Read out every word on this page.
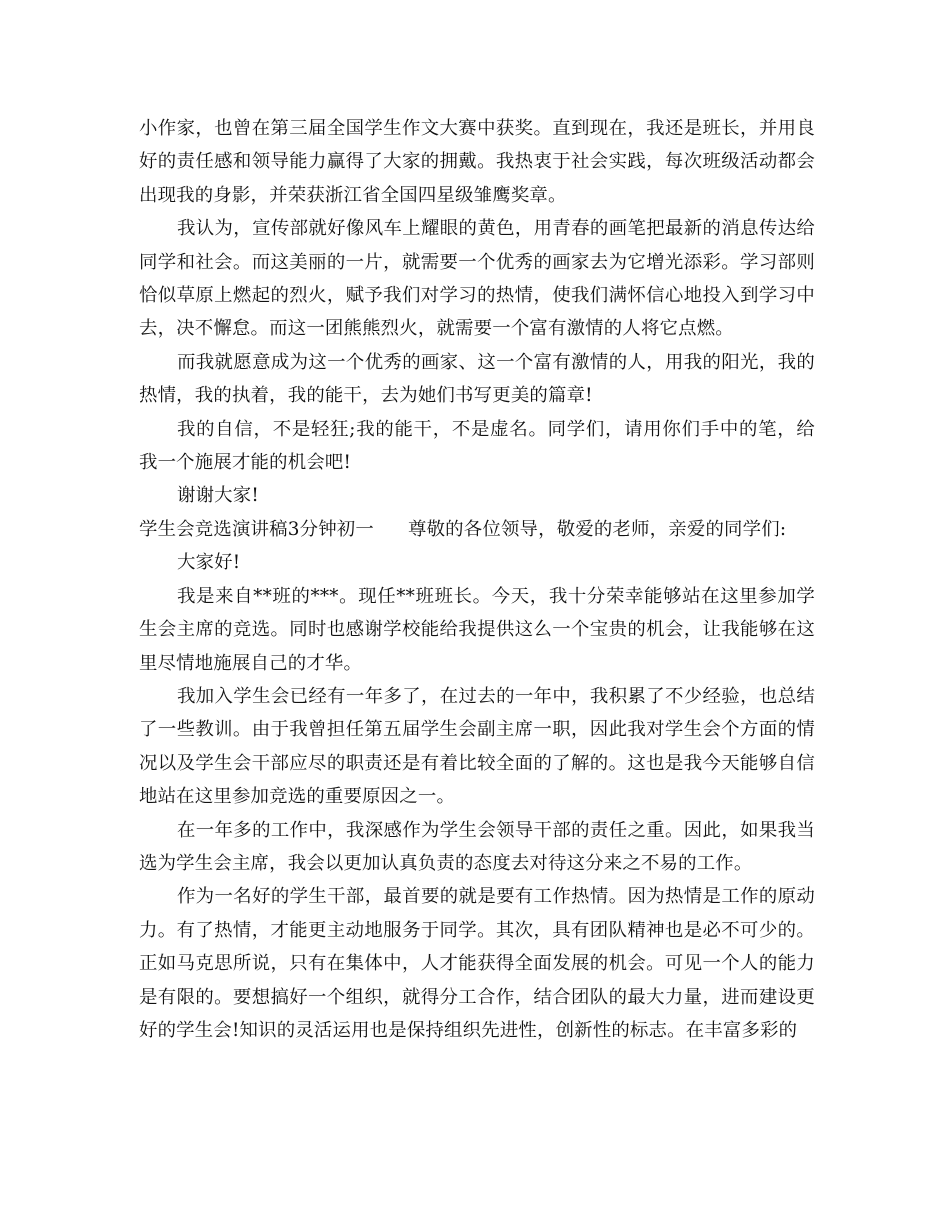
小作家，也曾在第三届全国学生作文大赛中获奖。直到现在，我还是班长，并用良好的责任感和领导能力赢得了大家的拥戴。我热衷于社会实践，每次班级活动都会出现我的身影，并荣获浙江省全国四星级雏鹰奖章。

我认为，宣传部就好像风车上耀眼的黄色，用青春的画笔把最新的消息传达给同学和社会。而这美丽的一片，就需要一个优秀的画家去为它增光添彩。学习部则恰似草原上燃起的烈火，赋予我们对学习的热情，使我们满怀信心地投入到学习中去，决不懈怠。而这一团熊熊烈火，就需要一个富有激情的人将它点燃。

而我就愿意成为这一个优秀的画家、这一个富有激情的人，用我的阳光，我的热情，我的执着，我的能干，去为她们书写更美的篇章!

我的自信，不是轻狂;我的能干，不是虚名。同学们，请用你们手中的笔，给我一个施展才能的机会吧!

谢谢大家!

学生会竞选演讲稿3分钟初一 尊敬的各位领导，敬爱的老师，亲爱的同学们:

大家好!

我是来自**班的***。现任**班班长。今天，我十分荣幸能够站在这里参加学生会主席的竞选。同时也感谢学校能给我提供这么一个宝贵的机会，让我能够在这里尽情地施展自己的才华。

我加入学生会已经有一年多了，在过去的一年中，我积累了不少经验，也总结了一些教训。由于我曾担任第五届学生会副主席一职，因此我对学生会个方面的情况以及学生会干部应尽的职责还是有着比较全面的了解的。这也是我今天能够自信地站在这里参加竞选的重要原因之一。

在一年多的工作中，我深感作为学生会领导干部的责任之重。因此，如果我当选为学生会主席，我会以更加认真负责的态度去对待这分来之不易的工作。

作为一名好的学生干部，最首要的就是要有工作热情。因为热情是工作的原动力。有了热情，才能更主动地服务于同学。其次，具有团队精神也是必不可少的。正如马克思所说，只有在集体中，人才能获得全面发展的机会。可见一个人的能力是有限的。要想搞好一个组织，就得分工合作，结合团队的最大力量，进而建设更好的学生会!知识的灵活运用也是保持组织先进性，创新性的标志。在丰富多彩的
